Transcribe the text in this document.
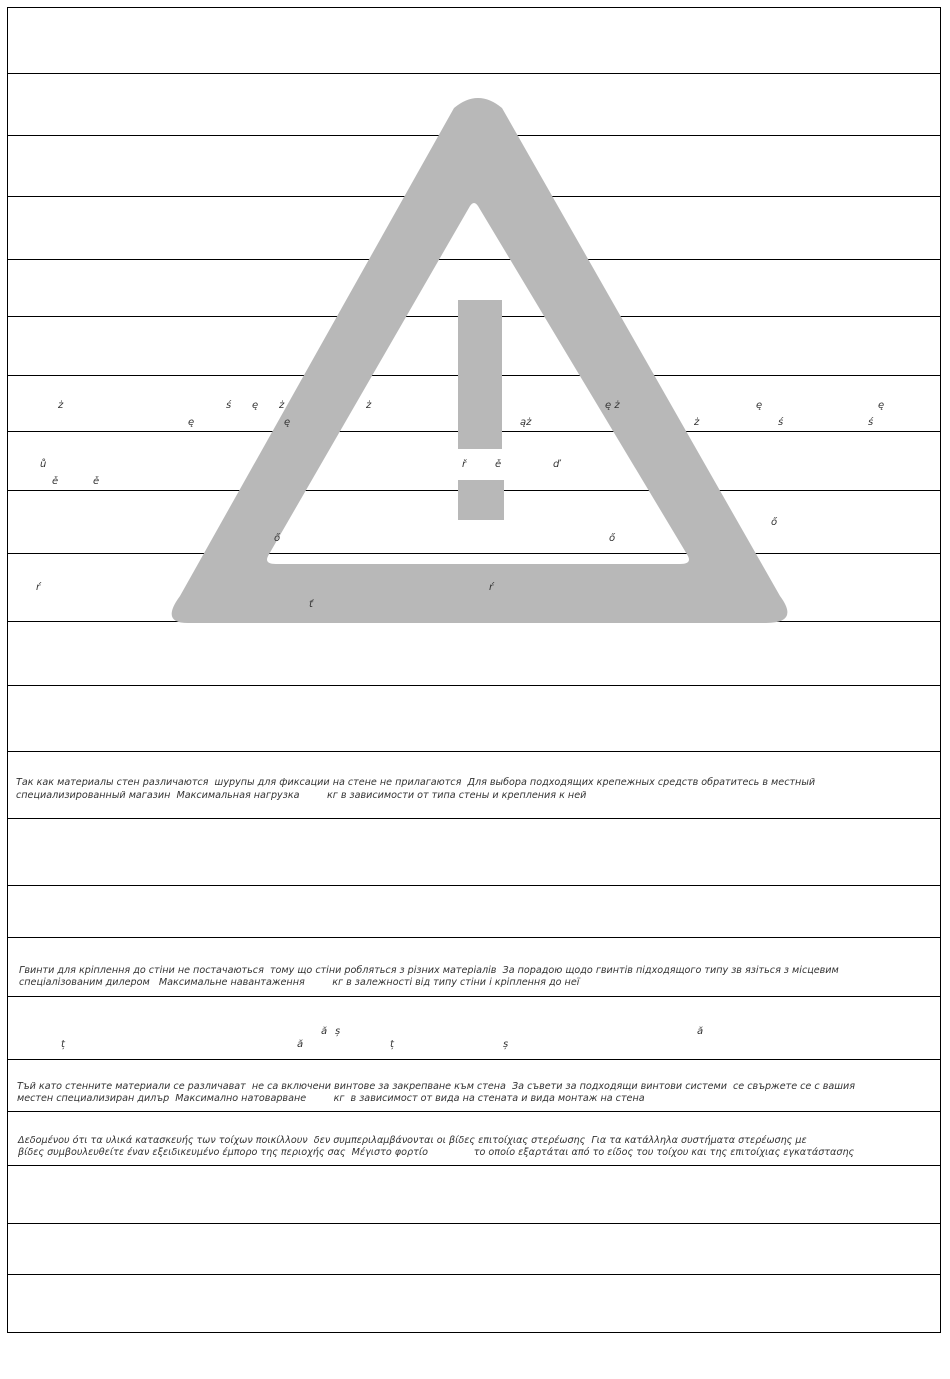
ż	ś ę ż	ż	ę ż	ę	ę
ę	ę	ąż	ż	ś	ś
ů	ř	ě	ď
ě	ě
ő
ő	ő
ŕ	ŕ
ť

Так как материалы стен различаются  шурупы для фиксации на стене не прилагаются  Для выбора подходящих крепежных средств обратитесь в местный

специализированный магазин  Максимальная нагрузка         кг в зависимости от типа стены и крепления к ней

Гвинти для кріплення до стіни не постачаються  тому що стіни робляться з різних матеріалів  За порадою щодо гвинтів підходящого типу зв язіться з місцевим

спеціалізованим дилером   Максимальне навантаження         кг в залежності від типу стіни і кріплення до неї

ă ș	ă
ț	ă	ț	ș

Тъй като стенните материали се различават  не са включени винтове за закрепване към стена  За съвети за подходящи винтови системи  се свържете се с вашия

местен специализиран дилър  Максимално натоварване         кг  в зависимост от вида на стената и вида монтаж на стена

Δεδομένου ότι τα υλικά κατασκευής των τοίχων ποικίλλουν  δεν συμπεριλαμβάνονται οι βίδες επιτοίχιας στερέωσης  Για τα κατάλληλα συστήματα στερέωσης με

βίδες συμβουλευθείτε έναν εξειδικευμένο έμπορο της περιοχής σας  Μέγιστο φορτίο               το οποίο εξαρτάται από το είδος του τοίχου και της επιτοίχιας εγκατάστασης
